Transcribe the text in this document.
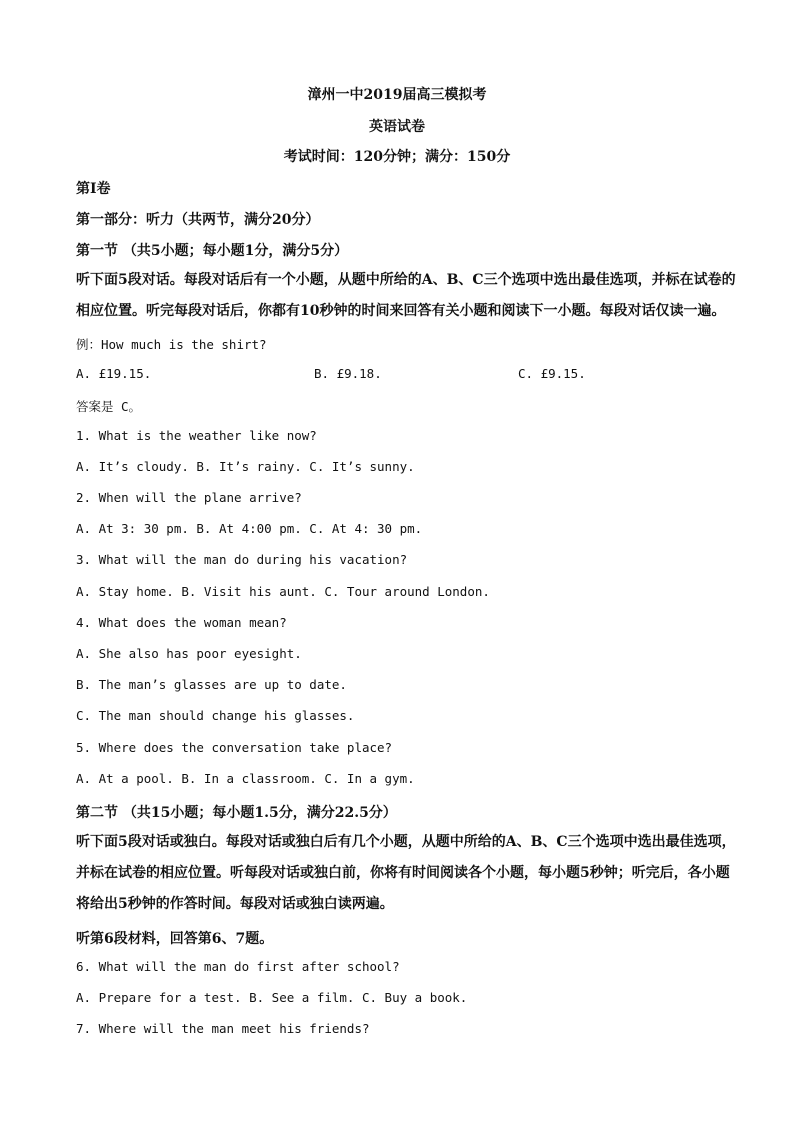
漳州一中2019届高三模拟考
英语试卷
考试时间：120分钟；满分：150分
第Ⅰ卷
第一部分：听力（共两节，满分20分）
第一节 （共5小题；每小题1分，满分5分）
听下面5段对话。每段对话后有一个小题，从题中所给的A、B、C三个选项中选出最佳选项，并标在试卷的相应位置。听完每段对话后，你都有10秒钟的时间来回答有关小题和阅读下一小题。每段对话仅读一遍。
例：How much is the shirt?
A. £19.15.	B. £9.18.	C. £9.15.
答案是 C。
1. What is the weather like now?
A. It’s cloudy. B. It’s rainy. C. It’s sunny.
2. When will the plane arrive?
A. At 3: 30 pm. B. At 4:00 pm. C. At 4: 30 pm.
3. What will the man do during his vacation?
A. Stay home. B. Visit his aunt. C. Tour around London.
4. What does the woman mean?
A. She also has poor eyesight.
B. The man’s glasses are up to date.
C. The man should change his glasses.
5. Where does the conversation take place?
A. At a pool. B. In a classroom. C. In a gym.
第二节 （共15小题；每小题1.5分，满分22.5分）
听下面5段对话或独白。每段对话或独白后有几个小题，从题中所给的A、B、C三个选项中选出最佳选项，并标在试卷的相应位置。听每段对话或独白前，你将有时间阅读各个小题，每小题5秒钟；听完后，各小题将给出5秒钟的作答时间。每段对话或独白读两遍。
听第6段材料，回答第6、7题。
6. What will the man do first after school?
A. Prepare for a test. B. See a film. C. Buy a book.
7. Where will the man meet his friends?
